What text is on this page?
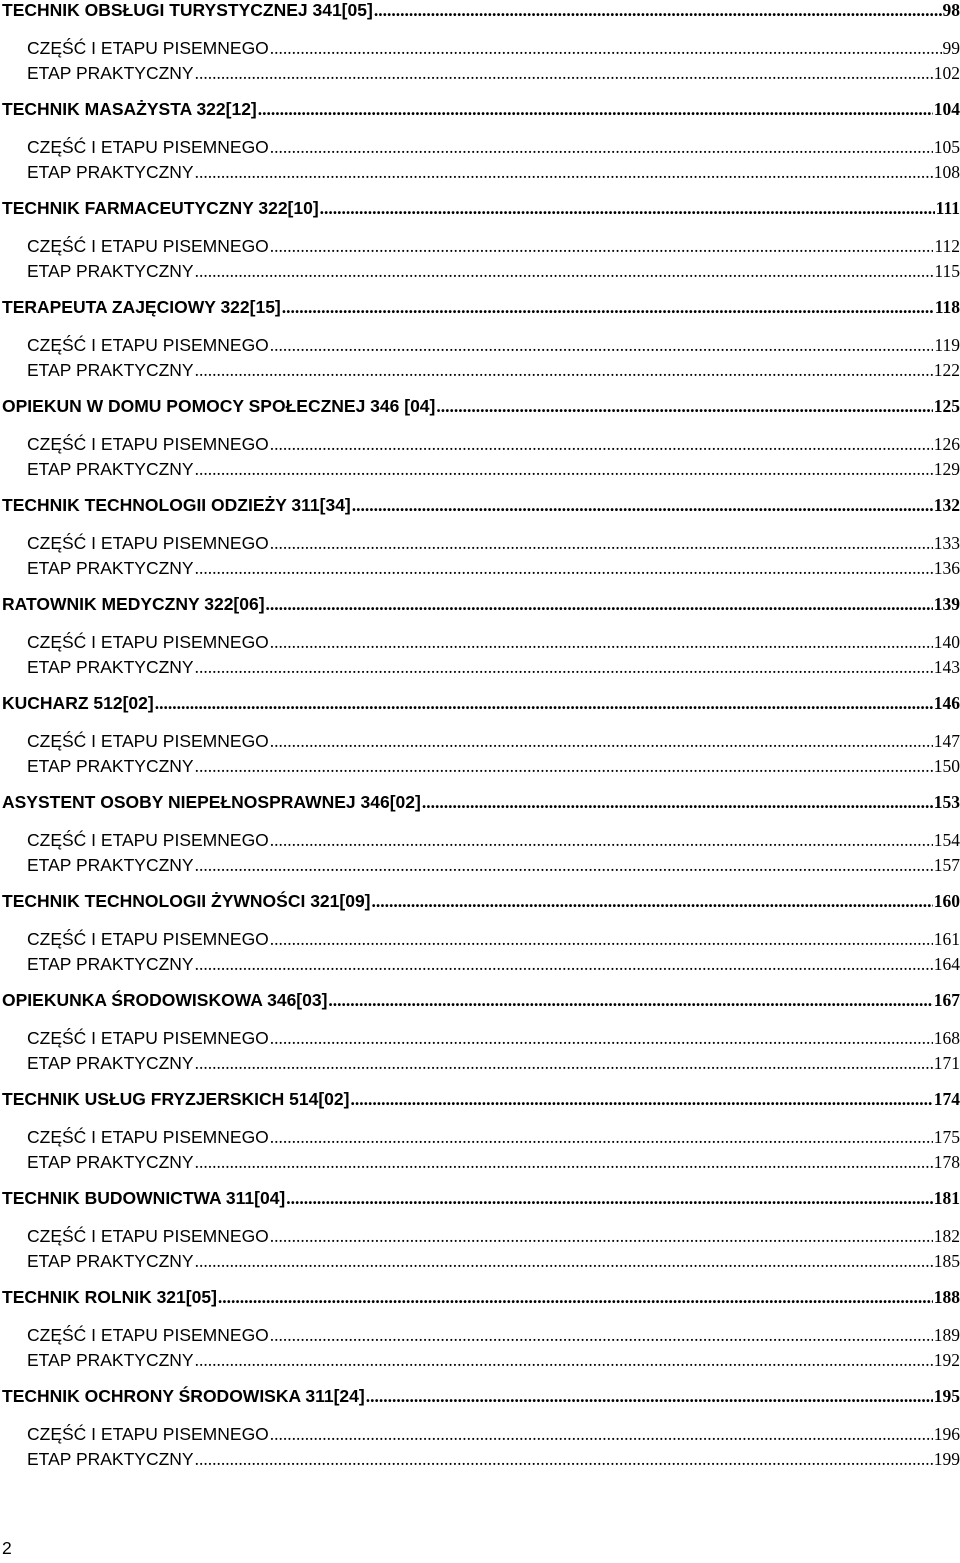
TECHNIK OBSŁUGI TURYSTYCZNEJ 341[05] .....	98
CZĘŚĆ I ETAPU PISEMNEGO .....	99
ETAP PRAKTYCZNY .....	102
TECHNIK MASAŻYSTA 322[12] .....	104
CZĘŚĆ I ETAPU PISEMNEGO .....	105
ETAP PRAKTYCZNY .....	108
TECHNIK FARMACEUTYCZNY 322[10] .....	111
CZĘŚĆ I ETAPU PISEMNEGO .....	112
ETAP PRAKTYCZNY .....	115
TERAPEUTA ZAJĘCIOWY 322[15] .....	118
CZĘŚĆ I ETAPU PISEMNEGO .....	119
ETAP PRAKTYCZNY .....	122
OPIEKUN W DOMU POMOCY SPOŁECZNEJ 346 [04] .....	125
CZĘŚĆ I ETAPU PISEMNEGO .....	126
ETAP PRAKTYCZNY .....	129
TECHNIK TECHNOLOGII ODZIEŻY 311[34] .....	132
CZĘŚĆ I ETAPU PISEMNEGO .....	133
ETAP PRAKTYCZNY .....	136
RATOWNIK MEDYCZNY 322[06] .....	139
CZĘŚĆ I ETAPU PISEMNEGO .....	140
ETAP PRAKTYCZNY .....	143
KUCHARZ 512[02] .....	146
CZĘŚĆ I ETAPU PISEMNEGO .....	147
ETAP PRAKTYCZNY .....	150
ASYSTENT OSOBY NIEPEŁNOSPRAWNEJ 346[02] .....	153
CZĘŚĆ I ETAPU PISEMNEGO .....	154
ETAP PRAKTYCZNY .....	157
TECHNIK TECHNOLOGII ŻYWNOŚCI 321[09] .....	160
CZĘŚĆ I ETAPU PISEMNEGO .....	161
ETAP PRAKTYCZNY .....	164
OPIEKUNKA ŚRODOWISKOWA 346[03] .....	167
CZĘŚĆ I ETAPU PISEMNEGO .....	168
ETAP PRAKTYCZNY .....	171
TECHNIK USŁUG FRYZJERSKICH 514[02] .....	174
CZĘŚĆ I ETAPU PISEMNEGO .....	175
ETAP PRAKTYCZNY .....	178
TECHNIK BUDOWNICTWA 311[04] .....	181
CZĘŚĆ I ETAPU PISEMNEGO .....	182
ETAP PRAKTYCZNY .....	185
TECHNIK ROLNIK 321[05] .....	188
CZĘŚĆ I ETAPU PISEMNEGO .....	189
ETAP PRAKTYCZNY .....	192
TECHNIK OCHRONY ŚRODOWISKA 311[24] .....	195
CZĘŚĆ I ETAPU PISEMNEGO .....	196
ETAP PRAKTYCZNY .....	199
2
